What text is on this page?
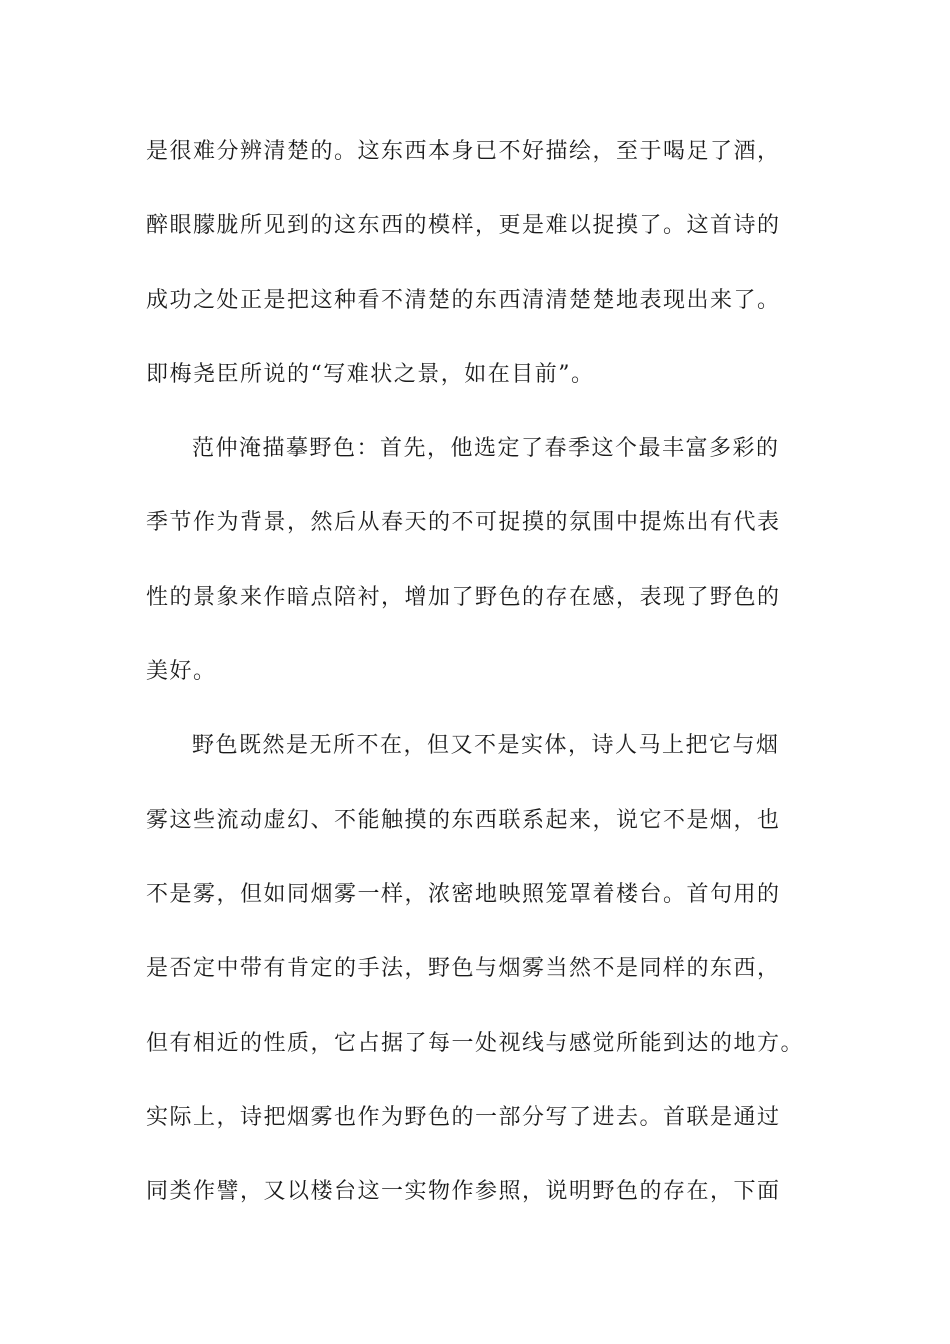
是很难分辨清楚的。这东西本身已不好描绘，至于喝足了酒，
醉眼朦胧所见到的这东西的模样，更是难以捉摸了。这首诗的
成功之处正是把这种看不清楚的东西清清楚楚地表现出来了。
即梅尧臣所说的“写难状之景，如在目前”。
范仲淹描摹野色：首先，他选定了春季这个最丰富多彩的
季节作为背景，然后从春天的不可捉摸的氛围中提炼出有代表
性的景象来作暗点陪衬，增加了野色的存在感，表现了野色的
美好。
野色既然是无所不在，但又不是实体，诗人马上把它与烟
雾这些流动虚幻、不能触摸的东西联系起来，说它不是烟，也
不是雾，但如同烟雾一样，浓密地映照笼罩着楼台。首句用的
是否定中带有肯定的手法，野色与烟雾当然不是同样的东西，
但有相近的性质，它占据了每一处视线与感觉所能到达的地方。
实际上，诗把烟雾也作为野色的一部分写了进去。首联是通过
同类作譬，又以楼台这一实物作参照，说明野色的存在，下面
